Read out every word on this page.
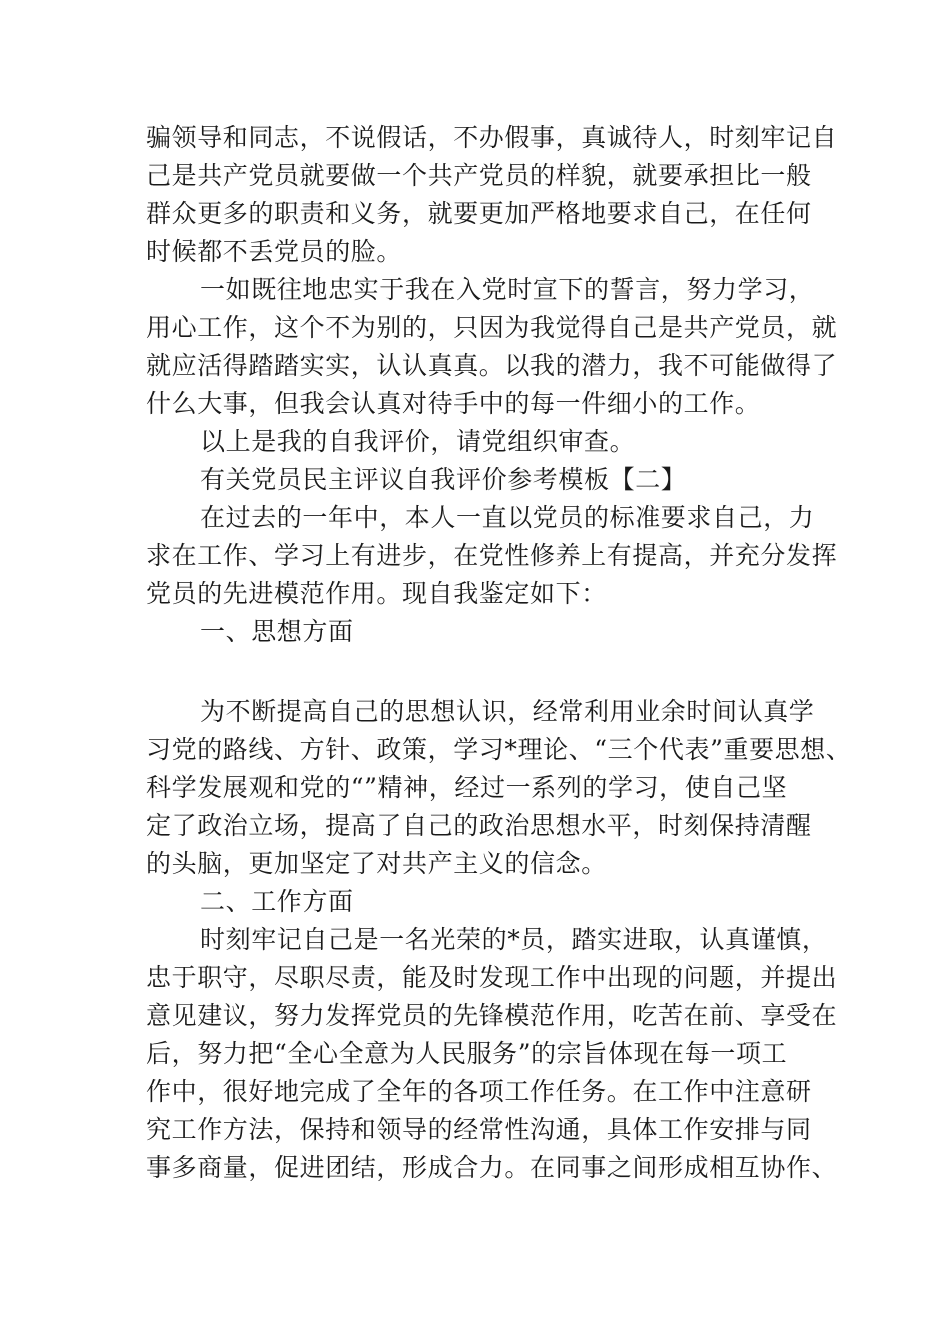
骗领导和同志，不说假话，不办假事，真诚待人，时刻牢记自
己是共产党员就要做一个共产党员的样貌，就要承担比一般
群众更多的职责和义务，就要更加严格地要求自己，在任何
时候都不丢党员的脸。
一如既往地忠实于我在入党时宣下的誓言，努力学习，
用心工作，这个不为别的，只因为我觉得自己是共产党员，就
就应活得踏踏实实，认认真真。以我的潜力，我不可能做得了
什么大事，但我会认真对待手中的每一件细小的工作。
以上是我的自我评价，请党组织审查。
有关党员民主评议自我评价参考模板【二】
在过去的一年中，本人一直以党员的标准要求自己，力
求在工作、学习上有进步，在党性修养上有提高，并充分发挥
党员的先进模范作用。现自我鉴定如下：
一、思想方面
为不断提高自己的思想认识，经常利用业余时间认真学
习党的路线、方针、政策，学习*理论、“三个代表”重要思想、
科学发展观和党的“”精神，经过一系列的学习，使自己坚
定了政治立场，提高了自己的政治思想水平，时刻保持清醒
的头脑，更加坚定了对共产主义的信念。
二、工作方面
时刻牢记自己是一名光荣的*员，踏实进取，认真谨慎，
忠于职守，尽职尽责，能及时发现工作中出现的问题，并提出
意见建议，努力发挥党员的先锋模范作用，吃苦在前、享受在
后，努力把“全心全意为人民服务”的宗旨体现在每一项工
作中，很好地完成了全年的各项工作任务。在工作中注意研
究工作方法，保持和领导的经常性沟通，具体工作安排与同
事多商量，促进团结，形成合力。在同事之间形成相互协作、
